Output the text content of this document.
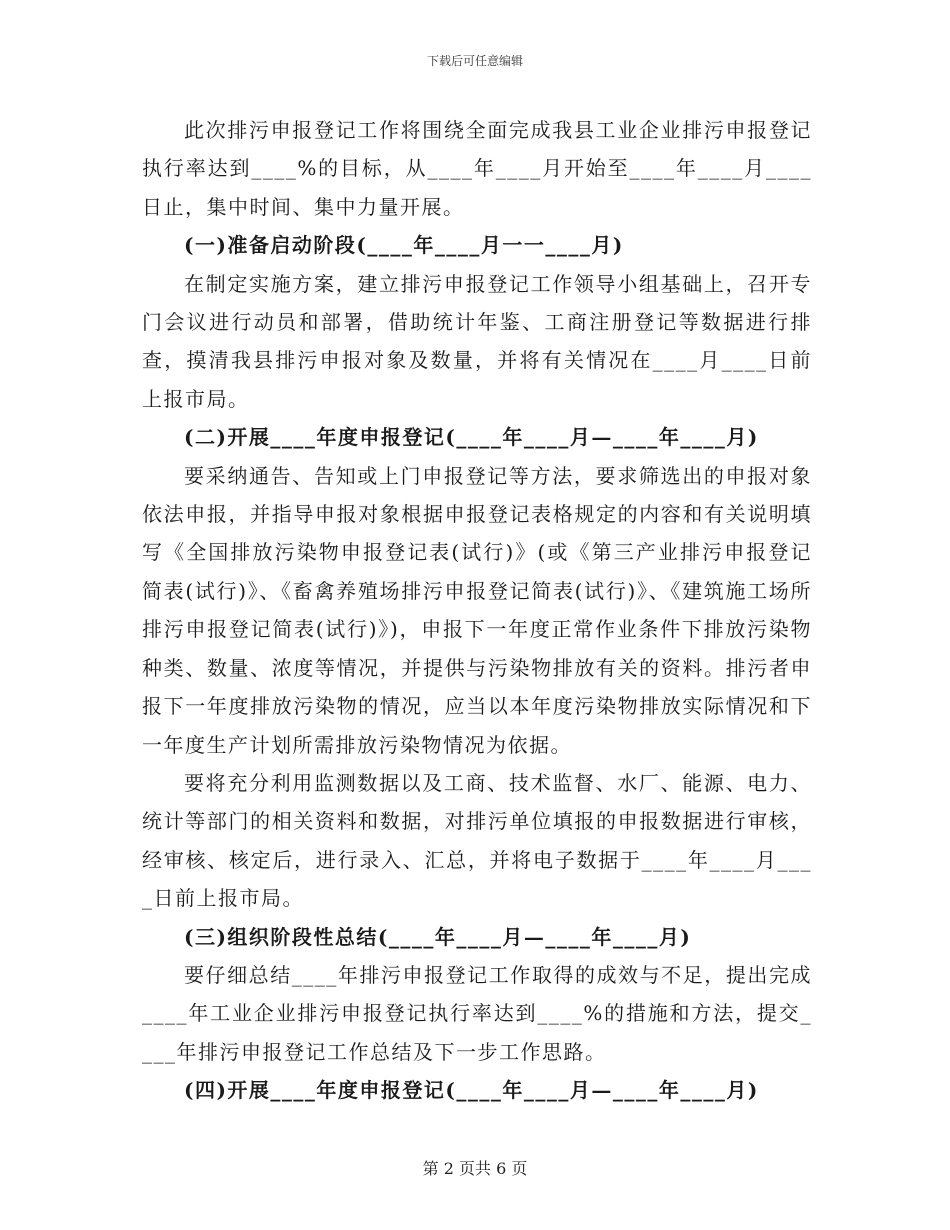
下载后可任意编辑

此次排污申报登记工作将围绕全面完成我县工业企业排污申报登记执行率达到____%的目标，从____年____月开始至____年____月____日止，集中时间、集中力量开展。

(一)准备启动阶段(____年____月一一____月)

在制定实施方案，建立排污申报登记工作领导小组基础上，召开专门会议进行动员和部署，借助统计年鉴、工商注册登记等数据进行排查，摸清我县排污申报对象及数量，并将有关情况在____月____日前上报市局。

(二)开展____年度申报登记(____年____月—____年____月)

要采纳通告、告知或上门申报登记等方法，要求筛选出的申报对象依法申报，并指导申报对象根据申报登记表格规定的内容和有关说明填写《全国排放污染物申报登记表(试行)》(或《第三产业排污申报登记简表(试行)》、《畜禽养殖场排污申报登记简表(试行)》、《建筑施工场所排污申报登记简表(试行)》)，申报下一年度正常作业条件下排放污染物种类、数量、浓度等情况，并提供与污染物排放有关的资料。排污者申报下一年度排放污染物的情况，应当以本年度污染物排放实际情况和下一年度生产计划所需排放污染物情况为依据。

要将充分利用监测数据以及工商、技术监督、水厂、能源、电力、统计等部门的相关资料和数据，对排污单位填报的申报数据进行审核，经审核、核定后，进行录入、汇总，并将电子数据于____年____月____日前上报市局。

(三)组织阶段性总结(____年____月—____年____月)

要仔细总结____年排污申报登记工作取得的成效与不足，提出完成____年工业企业排污申报登记执行率达到____%的措施和方法，提交____年排污申报登记工作总结及下一步工作思路。

(四)开展____年度申报登记(____年____月—____年____月)

第 2 页共 6 页
